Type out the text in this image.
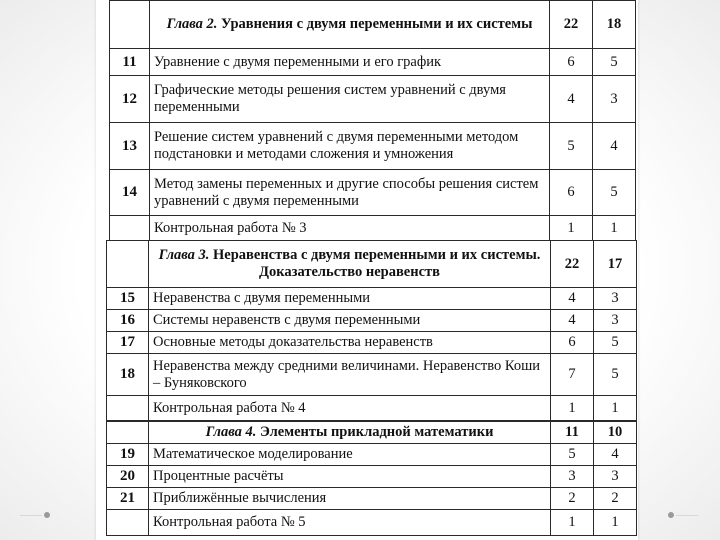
	Глава 2. Уравнения с двумя переменными и их системы	22	18
11	Уравнение с двумя переменными и его график	6	5
12	Графические методы решения систем уравнений с двумя переменными	4	3
13	Решение систем уравнений с двумя переменными методом подстановки и методами сложения и умножения	5	4
14	Метод замены переменных и другие способы решения систем уравнений с двумя переменными	6	5
	Контрольная работа № 3	1	1
	Глава 3. Неравенства с двумя переменными и их системы. Доказательство неравенств	22	17
15	Неравенства с двумя переменными	4	3
16	Системы неравенств с двумя переменными	4	3
17	Основные методы доказательства неравенств	6	5
18	Неравенства между средними величинами. Неравенство Коши – Буняковского	7	5
	Контрольная работа № 4	1	1
	Глава 4. Элементы прикладной математики	11	10
19	Математическое моделирование	5	4
20	Процентные расчёты	3	3
21	Приближённые вычисления	2	2
	Контрольная работа № 5	1	1
